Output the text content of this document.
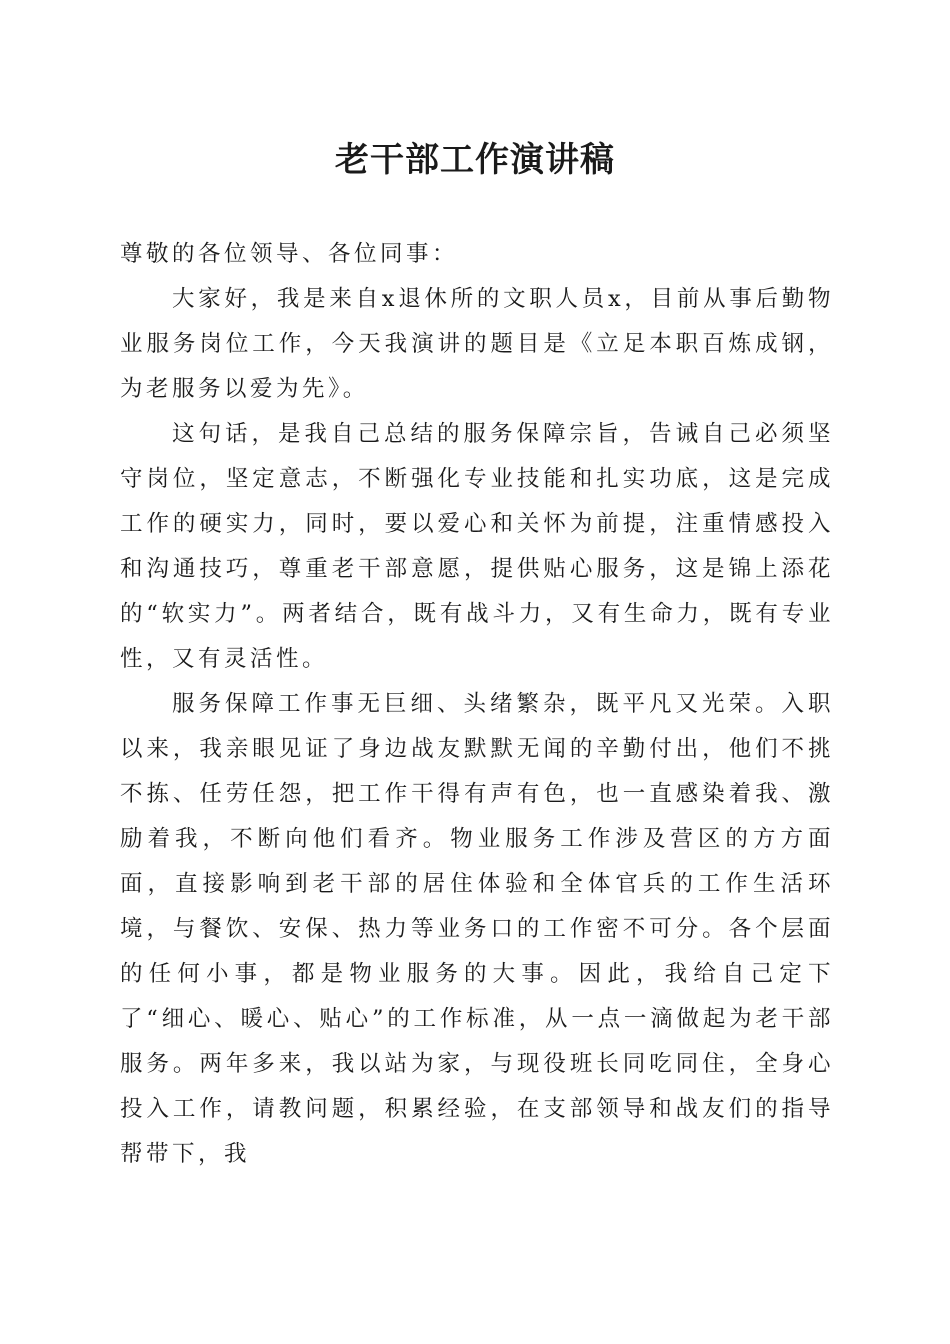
老干部工作演讲稿

尊敬的各位领导、各位同事：

大家好，我是来自x退休所的文职人员x，目前从事后勤物业服务岗位工作，今天我演讲的题目是《立足本职百炼成钢，为老服务以爱为先》。

这句话，是我自己总结的服务保障宗旨，告诫自己必须坚守岗位，坚定意志，不断强化专业技能和扎实功底，这是完成工作的硬实力，同时，要以爱心和关怀为前提，注重情感投入和沟通技巧，尊重老干部意愿，提供贴心服务，这是锦上添花的“软实力”。两者结合，既有战斗力，又有生命力，既有专业性，又有灵活性。

服务保障工作事无巨细、头绪繁杂，既平凡又光荣。入职以来，我亲眼见证了身边战友默默无闻的辛勤付出，他们不挑不拣、任劳任怨，把工作干得有声有色，也一直感染着我、激励着我，不断向他们看齐。物业服务工作涉及营区的方方面面，直接影响到老干部的居住体验和全体官兵的工作生活环境，与餐饮、安保、热力等业务口的工作密不可分。各个层面的任何小事，都是物业服务的大事。因此，我给自己定下了“细心、暖心、贴心”的工作标准，从一点一滴做起为老干部服务。两年多来，我以站为家，与现役班长同吃同住，全身心投入工作，请教问题，积累经验，在支部领导和战友们的指导帮带下，我
